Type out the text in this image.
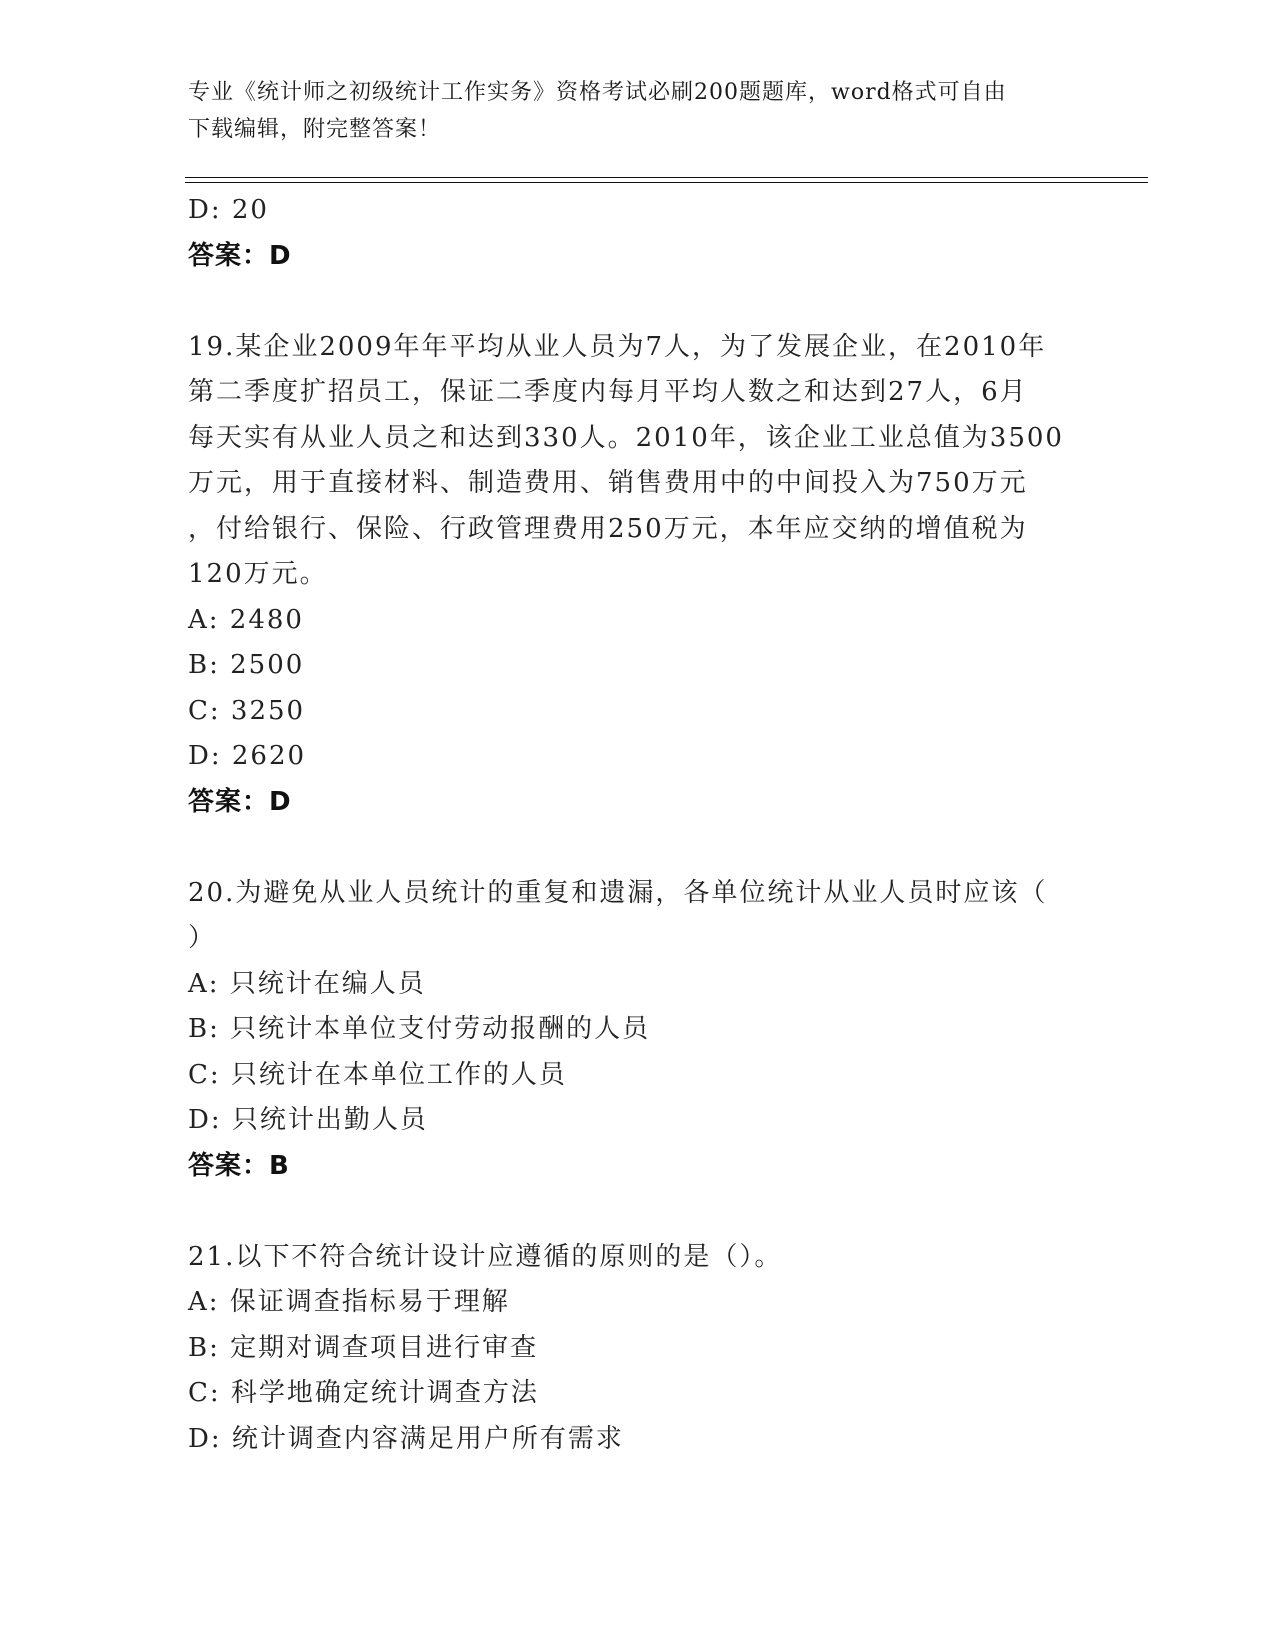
专业《统计师之初级统计工作实务》资格考试必刷200题题库，word格式可自由
下载编辑，附完整答案！
D: 20
答案：D
19.某企业2009年年平均从业人员为7人，为了发展企业，在2010年
第二季度扩招员工，保证二季度内每月平均人数之和达到27人，6月
每天实有从业人员之和达到330人。2010年，该企业工业总值为3500
万元，用于直接材料、制造费用、销售费用中的中间投入为750万元
，付给银行、保险、行政管理费用250万元，本年应交纳的增值税为
120万元。
A: 2480
B: 2500
C: 3250
D: 2620
答案：D
20.为避免从业人员统计的重复和遗漏，各单位统计从业人员时应该（
）
A: 只统计在编人员
B: 只统计本单位支付劳动报酬的人员
C: 只统计在本单位工作的人员
D: 只统计出勤人员
答案：B
21.以下不符合统计设计应遵循的原则的是（）。
A: 保证调查指标易于理解
B: 定期对调查项目进行审查
C: 科学地确定统计调查方法
D: 统计调查内容满足用户所有需求
